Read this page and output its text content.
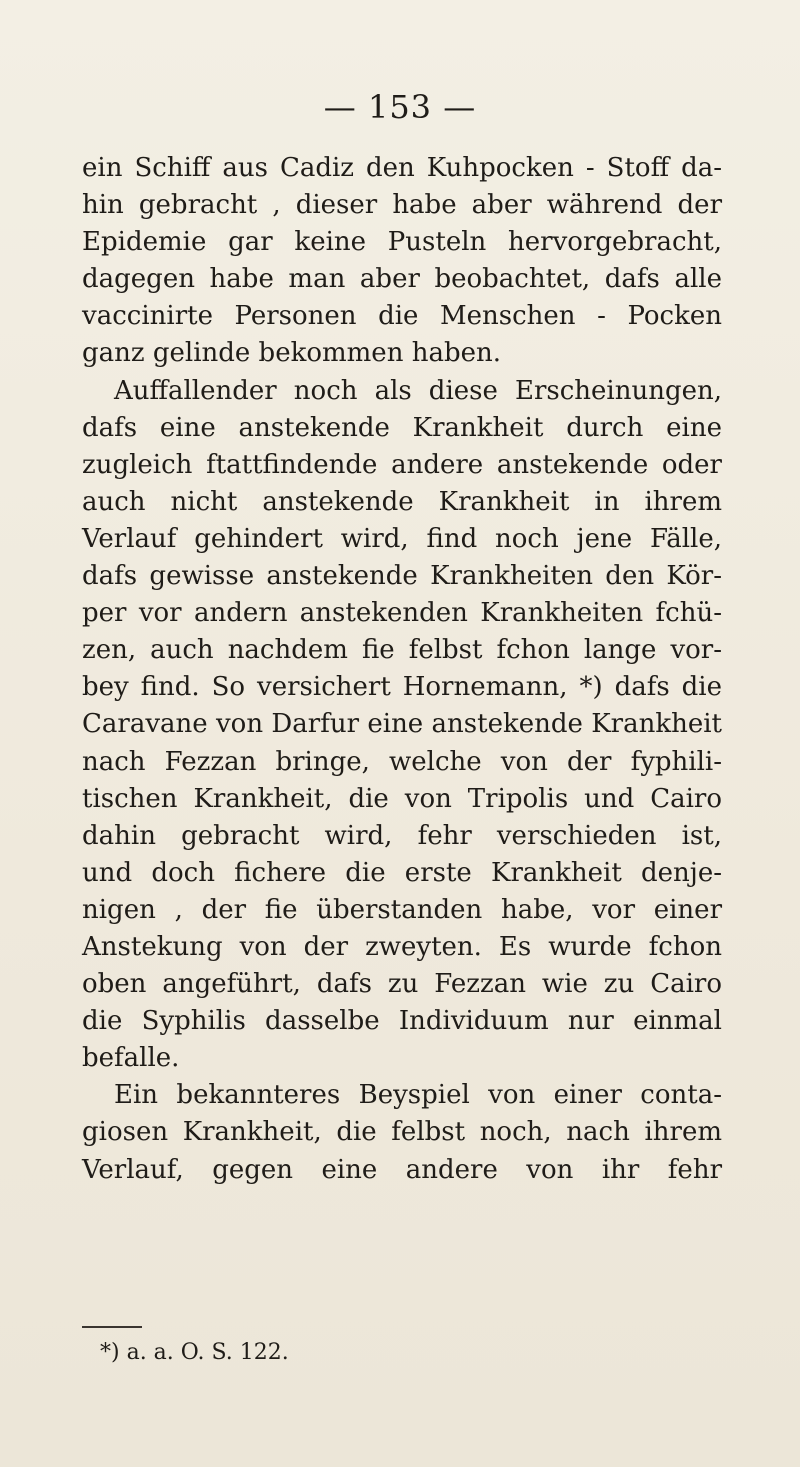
— 153 —
ein Schiff aus Cadiz den Kuhpocken - Stoff da-
hin gebracht , dieser habe aber während der
Epidemie gar keine Pusteln hervorgebracht,
dagegen habe man aber beobachtet, dafs alle
vaccinirte Personen die Menschen - Pocken
ganz gelinde bekommen haben.
Auffallender noch als diese Erscheinungen,
dafs eine anstekende Krankheit durch eine
zugleich ftattfindende andere anstekende oder
auch nicht anstekende Krankheit in ihrem
Verlauf gehindert wird, find noch jene Fälle,
dafs gewisse anstekende Krankheiten den Kör-
per vor andern anstekenden Krankheiten fchü-
zen, auch nachdem fie felbst fchon lange vor-
bey find. So versichert Hornemann, *) dafs die
Caravane von Darfur eine anstekende Krankheit
nach Fezzan bringe, welche von der fyphili-
tischen Krankheit, die von Tripolis und Cairo
dahin gebracht wird, fehr verschieden ist,
und doch fichere die erste Krankheit denje-
nigen , der fie überstanden habe, vor einer
Anstekung von der zweyten. Es wurde fchon
oben angeführt, dafs zu Fezzan wie zu Cairo
die Syphilis dasselbe Individuum nur einmal
befalle.
Ein bekannteres Beyspiel von einer conta-
giosen Krankheit, die felbst noch, nach ihrem
Verlauf, gegen eine andere von ihr fehr
*) a. a. O. S. 122.
